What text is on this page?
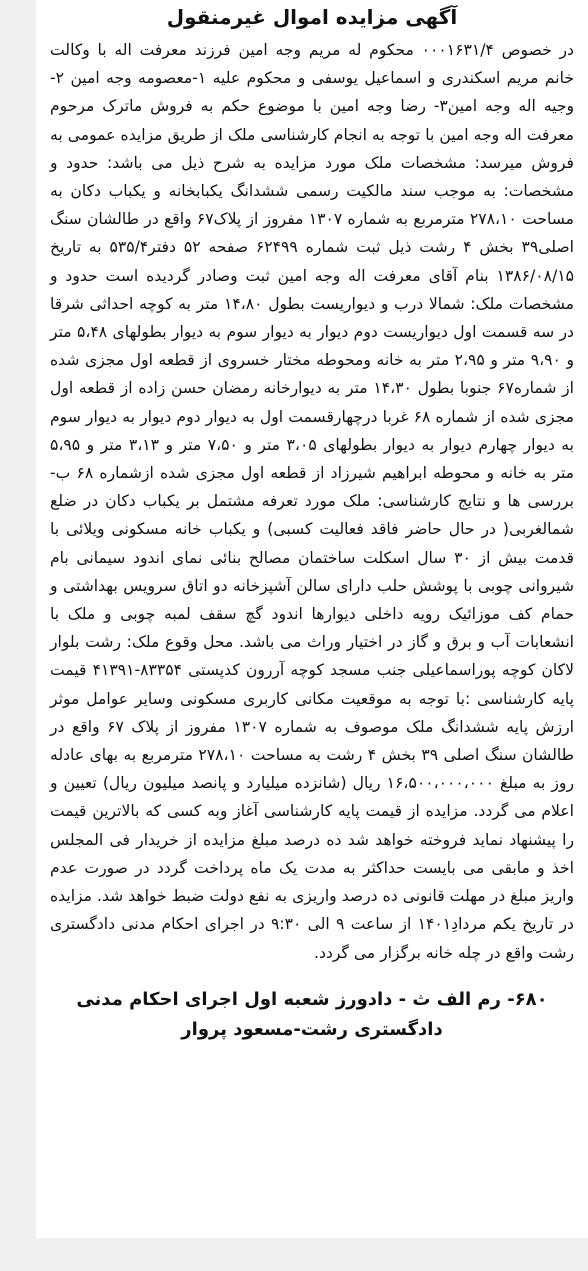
آگهی مزایده اموال غیرمنقول

در خصوص ۰۰۰۱۶۳۱/۴ محکوم له مریم وجه امین فرزند معرفت اله با وکالت خانم مریم اسکندری و اسماعیل یوسفی و محکوم علیه ۱-معصومه وجه امین ۲-وجیه اله وجه امین۳- رضا وجه امین با موضوع حکم به فروش ماترک مرحوم معرفت اله وجه امین با توجه به انجام کارشناسی ملک از طریق مزایده عمومی به فروش میرسد: مشخصات ملک مورد مزایده به شرح ذیل می باشد: حدود و مشخصات: به موجب سند مالکیت رسمی ششدانگ یکبابخانه و یکباب دکان به مساحت ۲۷۸،۱۰ مترمربع به شماره ۱۳۰۷ مفروز از پلاک۶۷ واقع در طالشان سنگ اصلی۳۹ بخش ۴ رشت ذیل ثبت شماره ۶۲۴۹۹ صفحه ۵۲ دفتر۵۳۵/۴ به تاریخ ۱۳۸۶/۰۸/۱۵ بنام آقای معرفت اله وجه امین ثبت وصادر گردیده است حدود و مشخصات ملک: شمالا درب و دیواریست بطول ۱۴،۸۰ متر به کوچه احداثی شرقا در سه قسمت اول دیواریست دوم دیوار به دیوار سوم به دیوار بطولهای ۵،۴۸ متر و ۹،۹۰ متر و ۲،۹۵ متر به خانه ومحوطه مختار خسروی از قطعه اول مجزی شده از شماره۶۷ جنوبا بطول ۱۴،۳۰ متر به دیوارخانه رمضان حسن زاده از قطعه اول مجزی شده از شماره ۶۸ غربا درچهارقسمت اول به دیوار دوم دیوار به دیوار سوم به دیوار چهارم دیوار به دیوار بطولهای ۳،۰۵ متر و ۷،۵۰ متر و ۳،۱۳ متر و ۵،۹۵ متر به خانه و محوطه ابراهیم شیرزاد از قطعه اول مجزی شده ازشماره ۶۸ ب- بررسی ها و نتایج کارشناسی: ملک مورد تعرفه مشتمل بر یکباب دکان در ضلع شمالغربی( در حال حاضر فاقد فعالیت کسبی) و یکباب خانه مسکونی ویلائی با قدمت بیش از ۳۰ سال اسکلت ساختمان مصالح بنائی نمای اندود سیمانی بام شیروانی چوبی با پوشش حلب دارای سالن آشپزخانه دو اتاق سرویس بهداشتی و حمام کف موزائیک رویه داخلی دیوارها اندود گچ سقف لمبه چوبی و ملک با انشعابات آب و برق و گاز در اختیار وراث می باشد. محل وقوع ملک: رشت بلوار لاکان کوچه پوراسماعیلی جنب مسجد کوچه آررون کدپستی ۸۳۳۵۴-۴۱۳۹۱ قیمت پایه کارشناسی :با توجه به موقعیت مکانی کاربری مسکونی وسایر عوامل موثر ارزش پایه ششدانگ ملک موصوف به شماره ۱۳۰۷ مفروز از پلاک ۶۷ واقع در طالشان سنگ اصلی ۳۹ بخش ۴ رشت به مساحت ۲۷۸،۱۰ مترمربع به بهای عادله روز به مبلغ ۱۶،۵۰۰،۰۰۰،۰۰۰ ریال (شانزده میلیارد و پانصد میلیون ریال) تعیین و اعلام می گردد. مزایده از قیمت پایه کارشناسی آغاز وبه کسی که بالاترین قیمت را پیشنهاد نماید فروخته خواهد شد ده درصد مبلغ مزایده از خریدار فی المجلس اخذ و مابقی می بایست حداکثر به مدت یک ماه پرداخت گردد در صورت عدم واریز مبلغ در مهلت قانونی ده درصد واریزی به نفع دولت ضبط خواهد شد. مزایده در تاریخ یکم مردادِ۱۴۰۱ از ساعت ۹ الی ۹:۳۰ در اجرای احکام مدنی دادگستری رشت واقع در چله خانه برگزار می گردد.

۶۸۰- رم الف ث - دادورز شعبه اول اجرای احکام مدنی
دادگستری رشت-مسعود پروار
